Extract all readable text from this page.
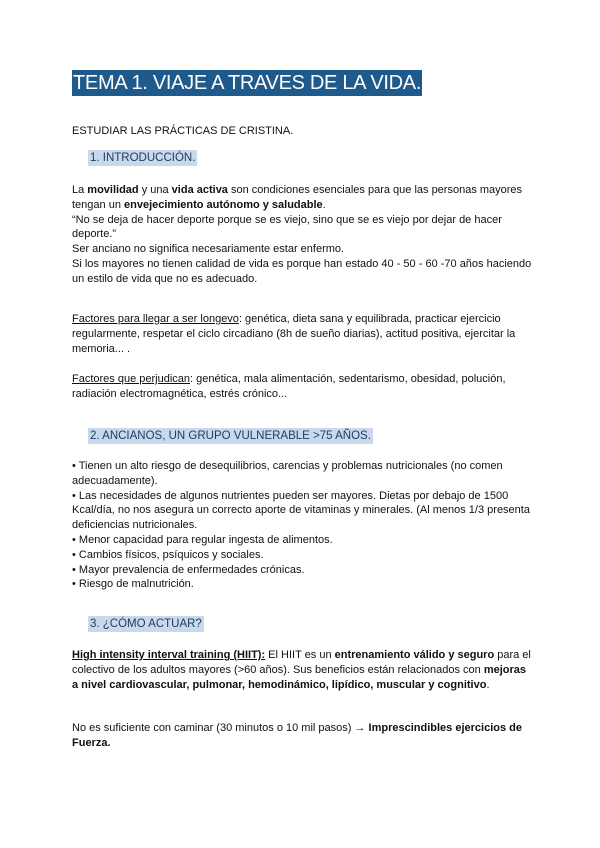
TEMA 1. VIAJE A TRAVES DE LA VIDA.

ESTUDIAR LAS PRÁCTICAS DE CRISTINA.

1. INTRODUCCIÓN.

La movilidad y una vida activa son condiciones esenciales para que las personas mayores tengan un envejecimiento autónomo y saludable.
“No se deja de hacer deporte porque se es viejo, sino que se es viejo por dejar de hacer deporte.”
Ser anciano no significa necesariamente estar enfermo.
Si los mayores no tienen calidad de vida es porque han estado 40 - 50 - 60 -70 años haciendo un estilo de vida que no es adecuado.

Factores para llegar a ser longevo: genética, dieta sana y equilibrada, practicar ejercicio regularmente, respetar el ciclo circadiano (8h de sueño diarias), actitud positiva, ejercitar la memoria... .

Factores que perjudican: genética, mala alimentación, sedentarismo, obesidad, polución, radiación electromagnética, estrés crónico...

2. ANCIANOS, UN GRUPO VULNERABLE >75 AÑOS.
• Tienen un alto riesgo de desequilibrios, carencias y problemas nutricionales (no comen adecuadamente).
• Las necesidades de algunos nutrientes pueden ser mayores. Dietas por debajo de 1500 Kcal/día, no nos asegura un correcto aporte de vitaminas y minerales. (Al menos 1/3 presenta deficiencias nutricionales.
• Menor capacidad para regular ingesta de alimentos.
• Cambios físicos, psíquicos y sociales.
• Mayor prevalencia de enfermedades crónicas.
• Riesgo de malnutrición.
3. ¿CÓMO ACTUAR?

High intensity interval training (HIIT): El HIIT es un entrenamiento válido y seguro para el colectivo de los adultos mayores (>60 años). Sus beneficios están relacionados con mejoras a nivel cardiovascular, pulmonar, hemodinámico, lipídico, muscular y cognitivo.

No es suficiente con caminar (30 minutos o 10 mil pasos) → Imprescindibles ejercicios de Fuerza.
